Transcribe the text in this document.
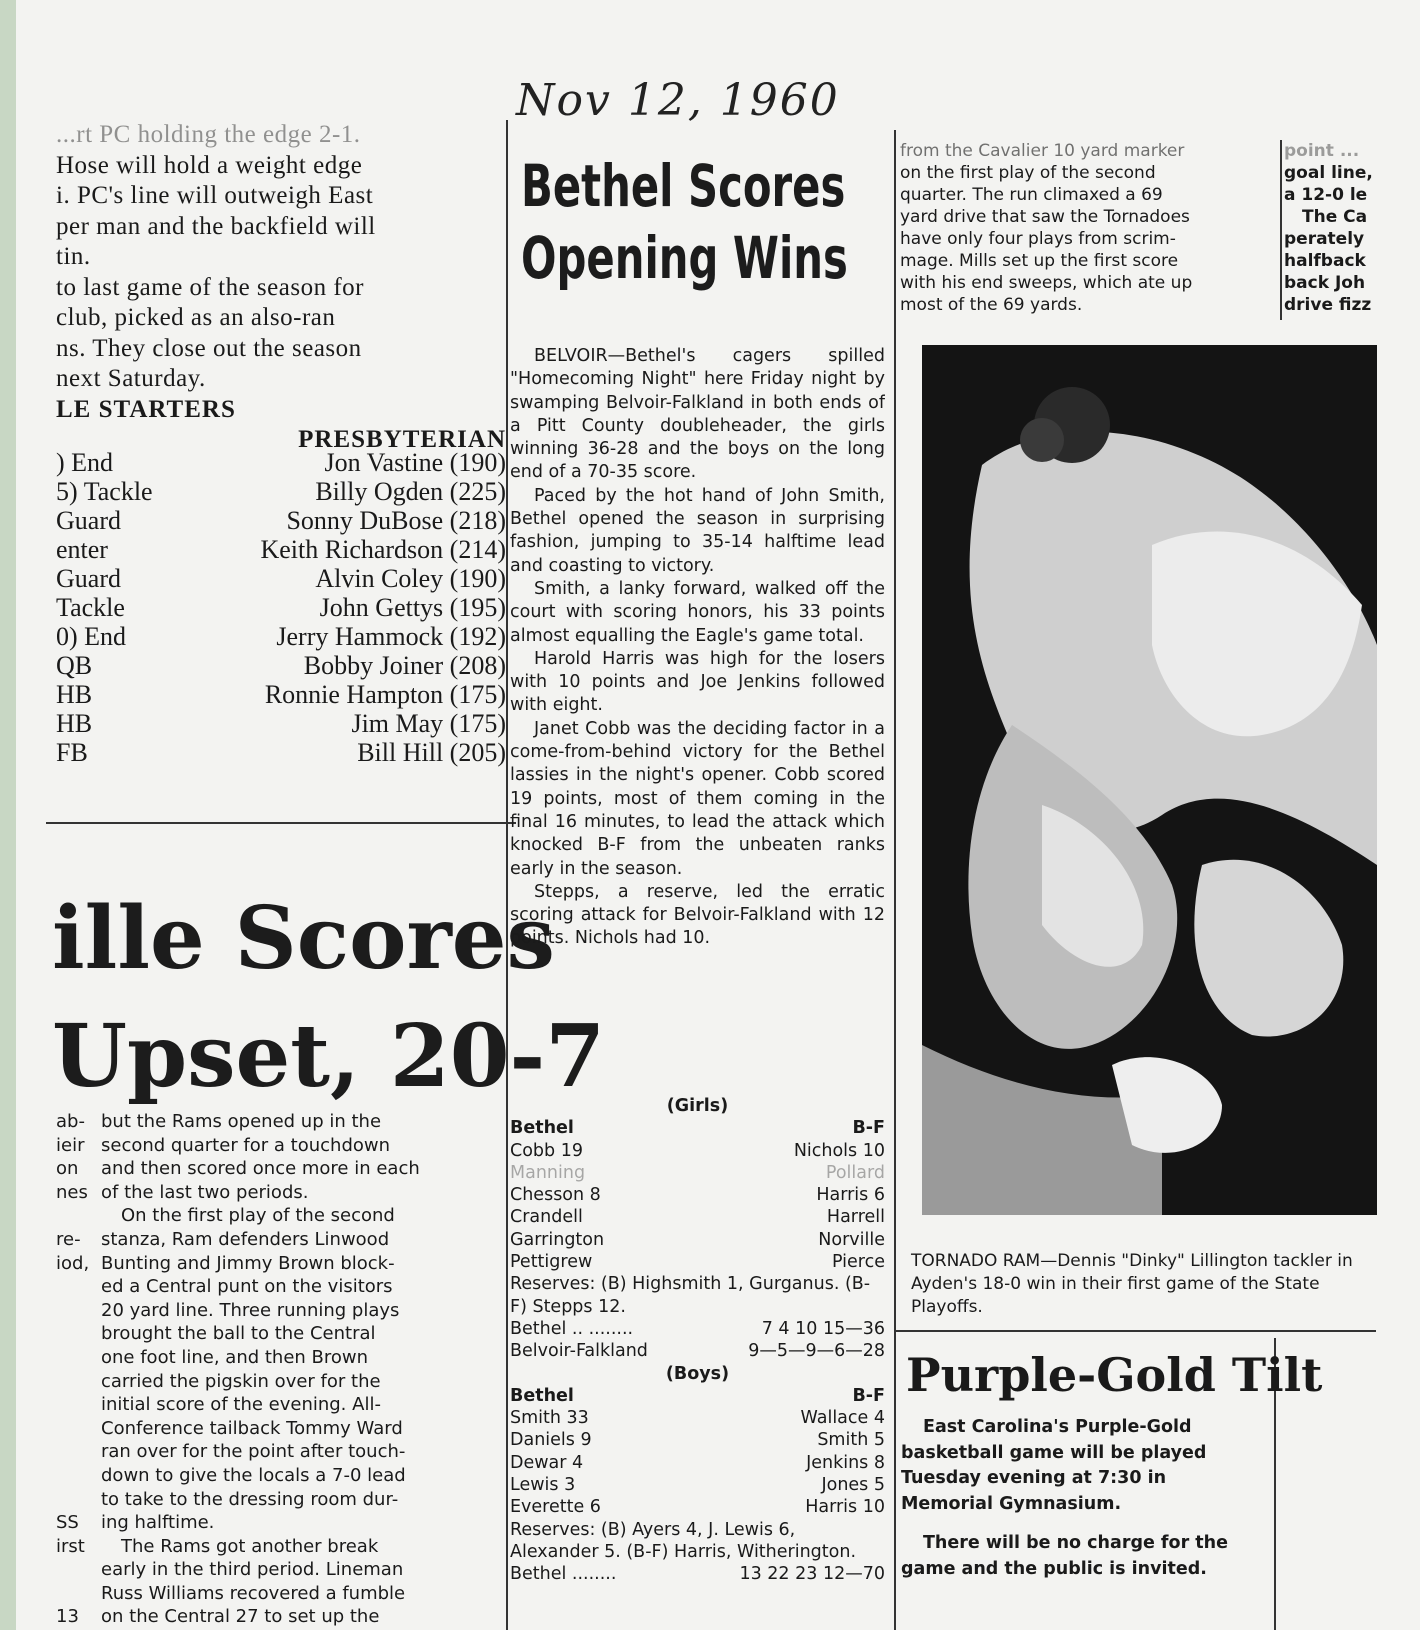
Nov 12, 1960

...rt PC holding the edge 2-1.

Hose will hold a weight edge

i. PC's line will outweigh East

per man and the backfield will

tin.

to last game of the season for

club, picked as an also-ran

ns. They close out the season

next Saturday.

LE STARTERS

PRESBYTERIAN

) End	Jon Vastine (190)
5) Tackle	Billy Ogden (225)
Guard	Sonny DuBose (218)
enter	Keith Richardson (214)
Guard	Alvin Coley (190)
Tackle	John Gettys (195)
0) End	Jerry Hammock (192)
QB	Bobby Joiner (208)
HB	Ronnie Hampton (175)
HB	Jim May (175)
FB	Bill Hill (205)
ille Scores
Upset, 20-7
ab- but the Rams opened up in the
ieir second quarter for a touchdown
on	and then scored once more in each
nes of the last two periods.
On the first play of the second
re-	stanza, Ram defenders Linwood
iod, Bunting and Jimmy Brown block-
ed a Central punt on the visitors
20 yard line. Three running plays
brought the ball to the Central
one foot line, and then Brown
carried the pigskin over for the
initial score of the evening. All-
Conference tailback Tommy Ward
ran over for the point after touch-
down to give the locals a 7-0 lead
to take to the dressing room dur-
SS	ing halftime.
irst	The Rams got another break
early in the third period. Lineman
Russ Williams recovered a fumble
13	on the Central 27 to set up the
Bethel Scores
Opening Wins

BELVOIR—Bethel's cagers spilled "Homecoming Night" here Friday night by swamping Belvoir-Falkland in both ends of a Pitt County doubleheader, the girls winning 36-28 and the boys on the long end of a 70-35 score.

Paced by the hot hand of John Smith, Bethel opened the season in surprising fashion, jumping to 35-14 halftime lead and coasting to victory.

Smith, a lanky forward, walked off the court with scoring honors, his 33 points almost equalling the Eagle's game total.

Harold Harris was high for the losers with 10 points and Joe Jenkins followed with eight.

Janet Cobb was the deciding factor in a come-from-behind victory for the Bethel lassies in the night's opener. Cobb scored 19 points, most of them coming in the final 16 minutes, to lead the attack which knocked B-F from the unbeaten ranks early in the season.

Stepps, a reserve, led the erratic scoring attack for Belvoir-Falkland with 12 points. Nichols had 10.

(Girls)
Bethel	B-F
Cobb 19	Nichols 10
Manning	Pollard
Chesson 8	Harris 6
Crandell	Harrell
Garrington	Norville
Pettigrew	Pierce
Reserves: (B) Highsmith 1, Gurganus. (B-F) Stepps 12.
Bethel .. ........	7 4 10 15—36
Belvoir-Falkland	9—5—9—6—28
(Boys)
Bethel	B-F
Smith 33	Wallace 4
Daniels 9	Smith 5
Dewar 4	Jenkins 8
Lewis 3	Jones 5
Everette 6	Harris 10
Reserves: (B) Ayers 4, J. Lewis 6, Alexander 5. (B-F) Harris, Witherington.
Bethel ........	13 22 23 12—70

from the Cavalier 10 yard marker

on the first play of the second

quarter. The run climaxed a 69

yard drive that saw the Tornadoes

have only four plays from scrim-

mage. Mills set up the first score

with his end sweeps, which ate up

most of the 69 yards.

point ...

goal line,

a 12-0 le

The Ca

perately

halfback

back Joh

drive fizz

TORNADO RAM—Dennis "Dinky" Lillington tackler in Ayden's 18-0 win in their first game of the State Playoffs.
Purple-Gold Tilt

East Carolina's Purple-Gold basketball game will be played Tuesday evening at 7:30 in Memorial Gymnasium.

There will be no charge for the game and the public is invited.
